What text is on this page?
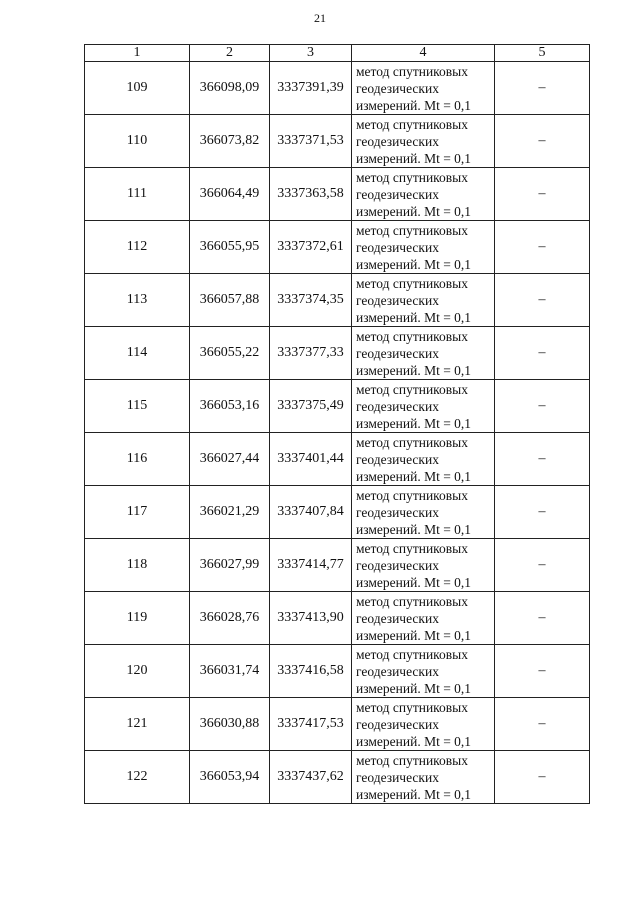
21
1	2	3	4	5
109	366098,09	3337391,39	метод спутниковых
геодезических
измерений. Mt = 0,1	–
110	366073,82	3337371,53	метод спутниковых
геодезических
измерений. Mt = 0,1	–
111	366064,49	3337363,58	метод спутниковых
геодезических
измерений. Mt = 0,1	–
112	366055,95	3337372,61	метод спутниковых
геодезических
измерений. Mt = 0,1	–
113	366057,88	3337374,35	метод спутниковых
геодезических
измерений. Mt = 0,1	–
114	366055,22	3337377,33	метод спутниковых
геодезических
измерений. Mt = 0,1	–
115	366053,16	3337375,49	метод спутниковых
геодезических
измерений. Mt = 0,1	–
116	366027,44	3337401,44	метод спутниковых
геодезических
измерений. Mt = 0,1	–
117	366021,29	3337407,84	метод спутниковых
геодезических
измерений. Mt = 0,1	–
118	366027,99	3337414,77	метод спутниковых
геодезических
измерений. Mt = 0,1	–
119	366028,76	3337413,90	метод спутниковых
геодезических
измерений. Mt = 0,1	–
120	366031,74	3337416,58	метод спутниковых
геодезических
измерений. Mt = 0,1	–
121	366030,88	3337417,53	метод спутниковых
геодезических
измерений. Mt = 0,1	–
122	366053,94	3337437,62	метод спутниковых
геодезических
измерений. Mt = 0,1	–
